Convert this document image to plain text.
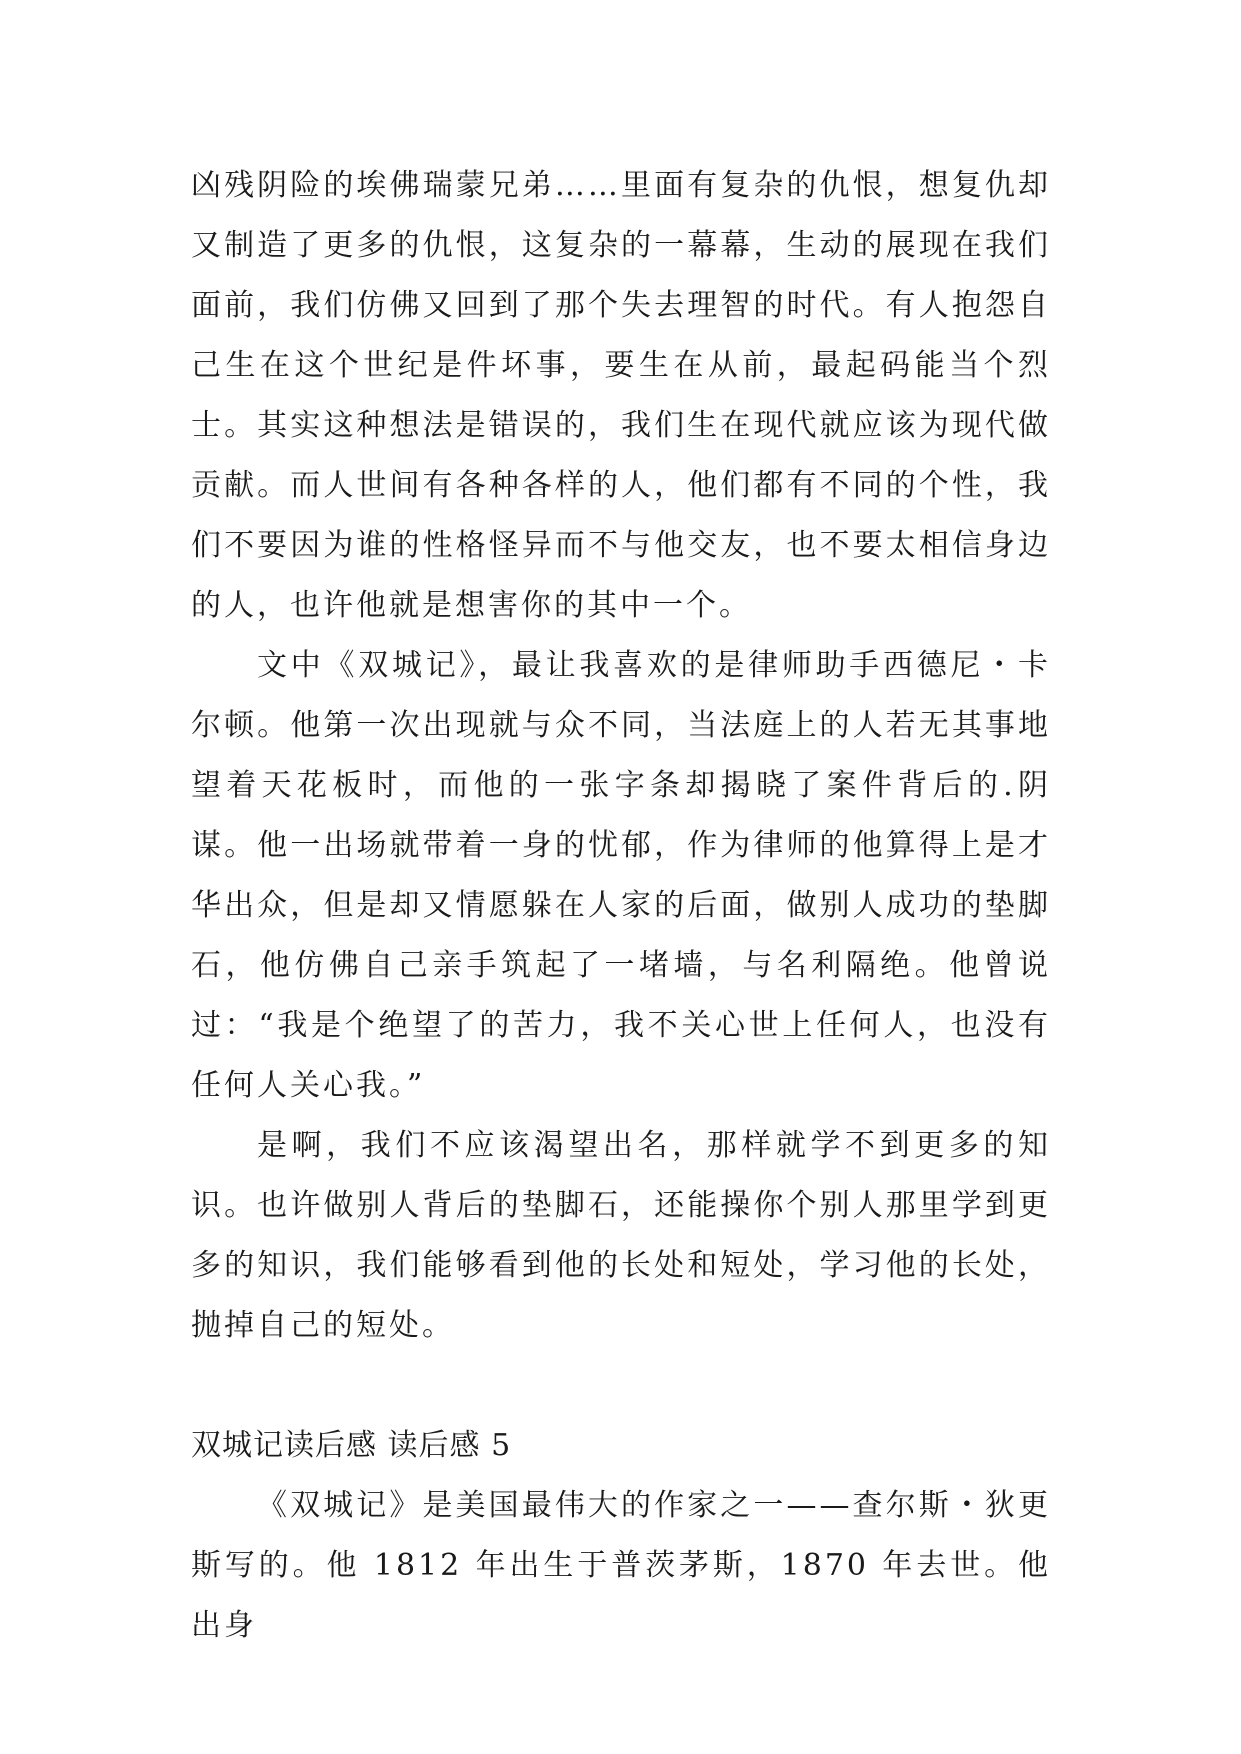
凶残阴险的埃佛瑞蒙兄弟……里面有复杂的仇恨，想复仇却又制造了更多的仇恨，这复杂的一幕幕，生动的展现在我们面前，我们仿佛又回到了那个失去理智的时代。有人抱怨自己生在这个世纪是件坏事，要生在从前，最起码能当个烈士。其实这种想法是错误的，我们生在现代就应该为现代做贡献。而人世间有各种各样的人，他们都有不同的个性，我们不要因为谁的性格怪异而不与他交友，也不要太相信身边的人，也许他就是想害你的其中一个。

文中《双城记》，最让我喜欢的是律师助手西德尼・卡尔顿。他第一次出现就与众不同，当法庭上的人若无其事地望着天花板时，而他的一张字条却揭晓了案件背后的.阴谋。他一出场就带着一身的忧郁，作为律师的他算得上是才华出众，但是却又情愿躲在人家的后面，做别人成功的垫脚石，他仿佛自己亲手筑起了一堵墙，与名利隔绝。他曾说过：“我是个绝望了的苦力，我不关心世上任何人，也没有任何人关心我。”

是啊，我们不应该渴望出名，那样就学不到更多的知识。也许做别人背后的垫脚石，还能操你个别人那里学到更多的知识，我们能够看到他的长处和短处，学习他的长处，抛掉自己的短处。

双城记读后感 读后感 5

《双城记》是美国最伟大的作家之一——查尔斯・狄更斯写的。他 1812 年出生于普茨茅斯，1870 年去世。他出身
